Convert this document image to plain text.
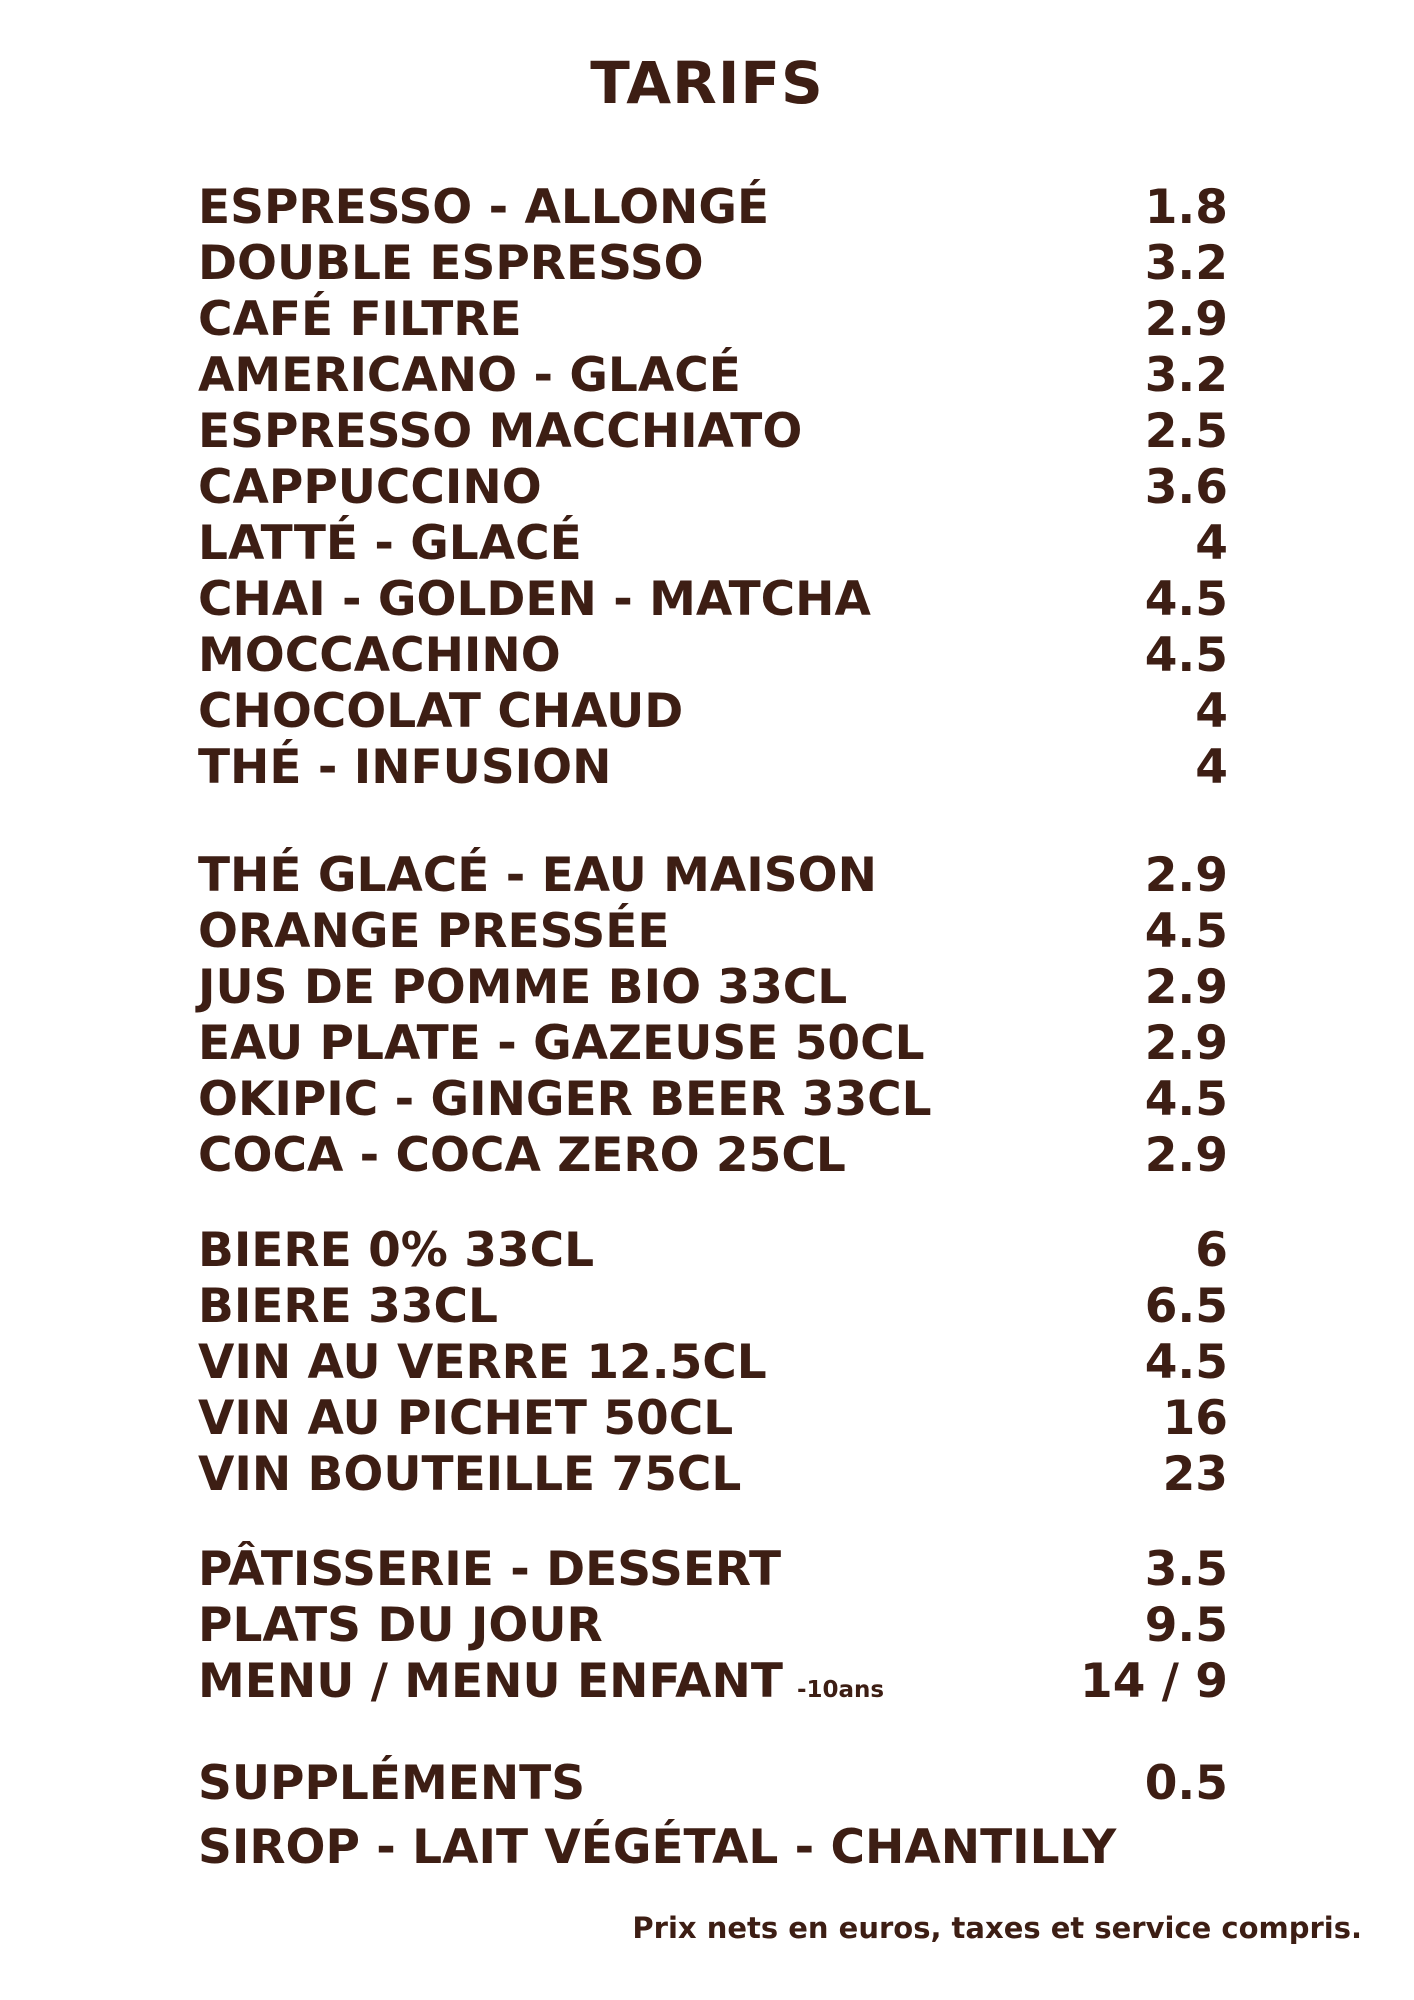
TARIFS
ESPRESSO - ALLONGÉ	1.8
DOUBLE ESPRESSO	3.2
CAFÉ FILTRE	2.9
AMERICANO - GLACÉ	3.2
ESPRESSO MACCHIATO	2.5
CAPPUCCINO	3.6
LATTÉ - GLACÉ	4
CHAI - GOLDEN - MATCHA	4.5
MOCCACHINO	4.5
CHOCOLAT CHAUD	4
THÉ - INFUSION	4
THÉ GLACÉ - EAU MAISON	2.9
ORANGE PRESSÉE	4.5
JUS DE POMME BIO 33CL	2.9
EAU PLATE - GAZEUSE 50CL	2.9
OKIPIC - GINGER BEER 33CL	4.5
COCA - COCA ZERO 25CL	2.9
BIERE 0% 33CL	6
BIERE 33CL	6.5
VIN AU VERRE 12.5CL	4.5
VIN AU PICHET 50CL	16
VIN BOUTEILLE 75CL	23
PÂTISSERIE - DESSERT	3.5
PLATS DU JOUR	9.5
MENU / MENU ENFANT -10ans	14 / 9
SUPPLÉMENTS	0.5
SIROP - LAIT VÉGÉTAL - CHANTILLY
Prix nets en euros, taxes et service compris.
